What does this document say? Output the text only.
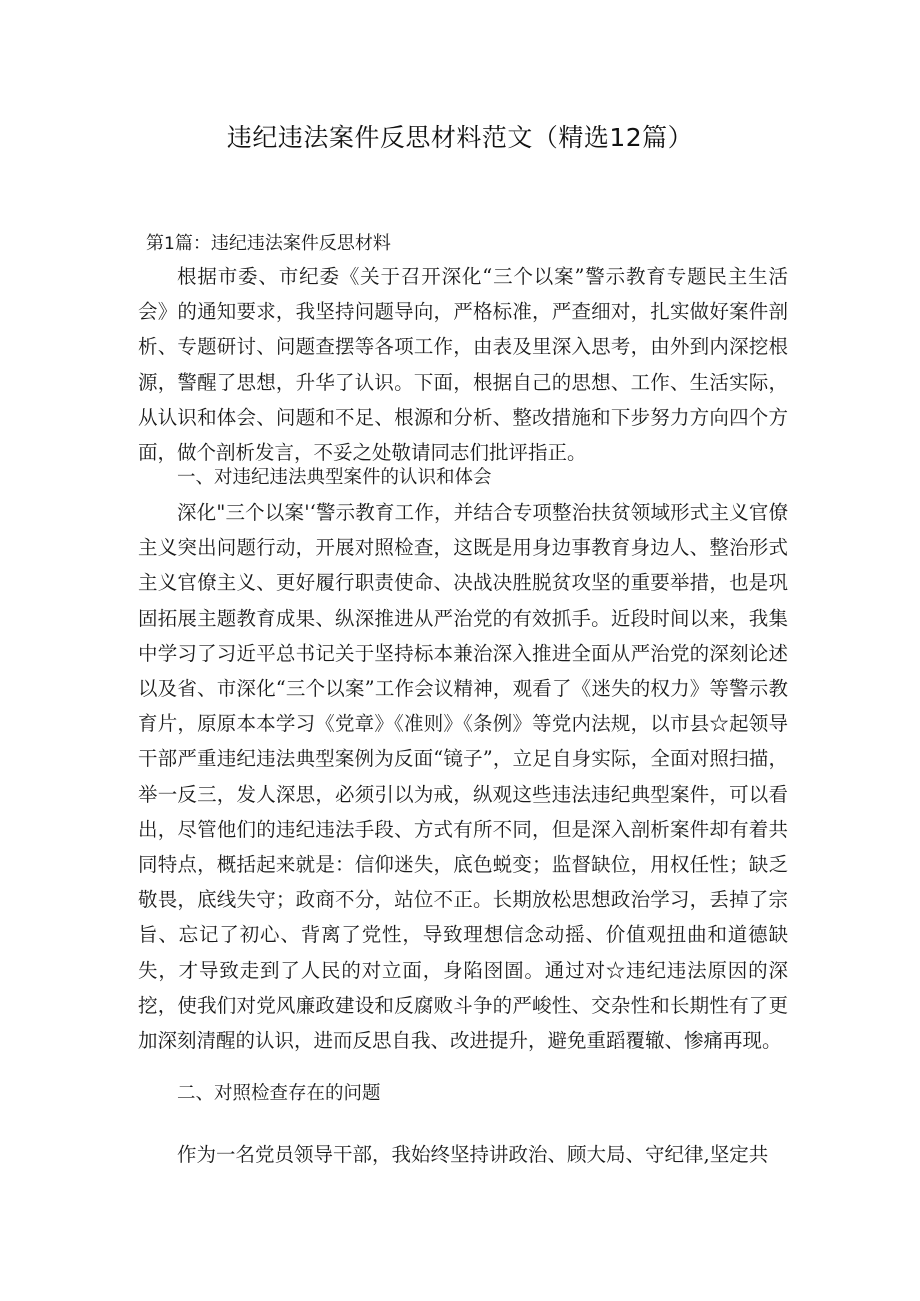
违纪违法案件反思材料范文（精选12篇）
第1篇：违纪违法案件反思材料

根据市委、市纪委《关于召开深化“三个以案”警示教育专题民主生活会》的通知要求，我坚持问题导向，严格标准，严查细对，扎实做好案件剖析、专题研讨、问题查摆等各项工作，由表及里深入思考，由外到内深挖根源，警醒了思想，升华了认识。下面，根据自己的思想、工作、生活实际，从认识和体会、问题和不足、根源和分析、整改措施和下步努力方向四个方面，做个剖析发言，不妥之处敬请同志们批评指正。

一、对违纪违法典型案件的认识和体会

深化"三个以案'‘警示教育工作，并结合专项整治扶贫领域形式主义官僚主义突出问题行动，开展对照检查，这既是用身边事教育身边人、整治形式主义官僚主义、更好履行职责使命、决战决胜脱贫攻坚的重要举措，也是巩固拓展主题教育成果、纵深推进从严治党的有效抓手。近段时间以来，我集中学习了习近平总书记关于坚持标本兼治深入推进全面从严治党的深刻论述以及省、市深化“三个以案”工作会议精神，观看了《迷失的权力》等警示教育片，原原本本学习《党章》《准则》《条例》等党内法规，以市县☆起领导干部严重违纪违法典型案例为反面“镜子”，立足自身实际，全面对照扫描，举一反三，发人深思，必须引以为戒，纵观这些违法违纪典型案件，可以看出，尽管他们的违纪违法手段、方式有所不同，但是深入剖析案件却有着共同特点，概括起来就是：信仰迷失，底色蜕变；监督缺位，用权任性；缺乏敬畏，底线失守；政商不分，站位不正。长期放松思想政治学习，丢掉了宗旨、忘记了初心、背离了党性，导致理想信念动摇、价值观扭曲和道德缺失，才导致走到了人民的对立面，身陷囹圄。通过对☆违纪违法原因的深挖，使我们对党风廉政建设和反腐败斗争的严峻性、交杂性和长期性有了更加深刻清醒的认识，进而反思自我、改进提升，避免重蹈覆辙、惨痛再现。

二、对照检查存在的问题

作为一名党员领导干部，我始终坚持讲政治、顾大局、守纪律,坚定共
